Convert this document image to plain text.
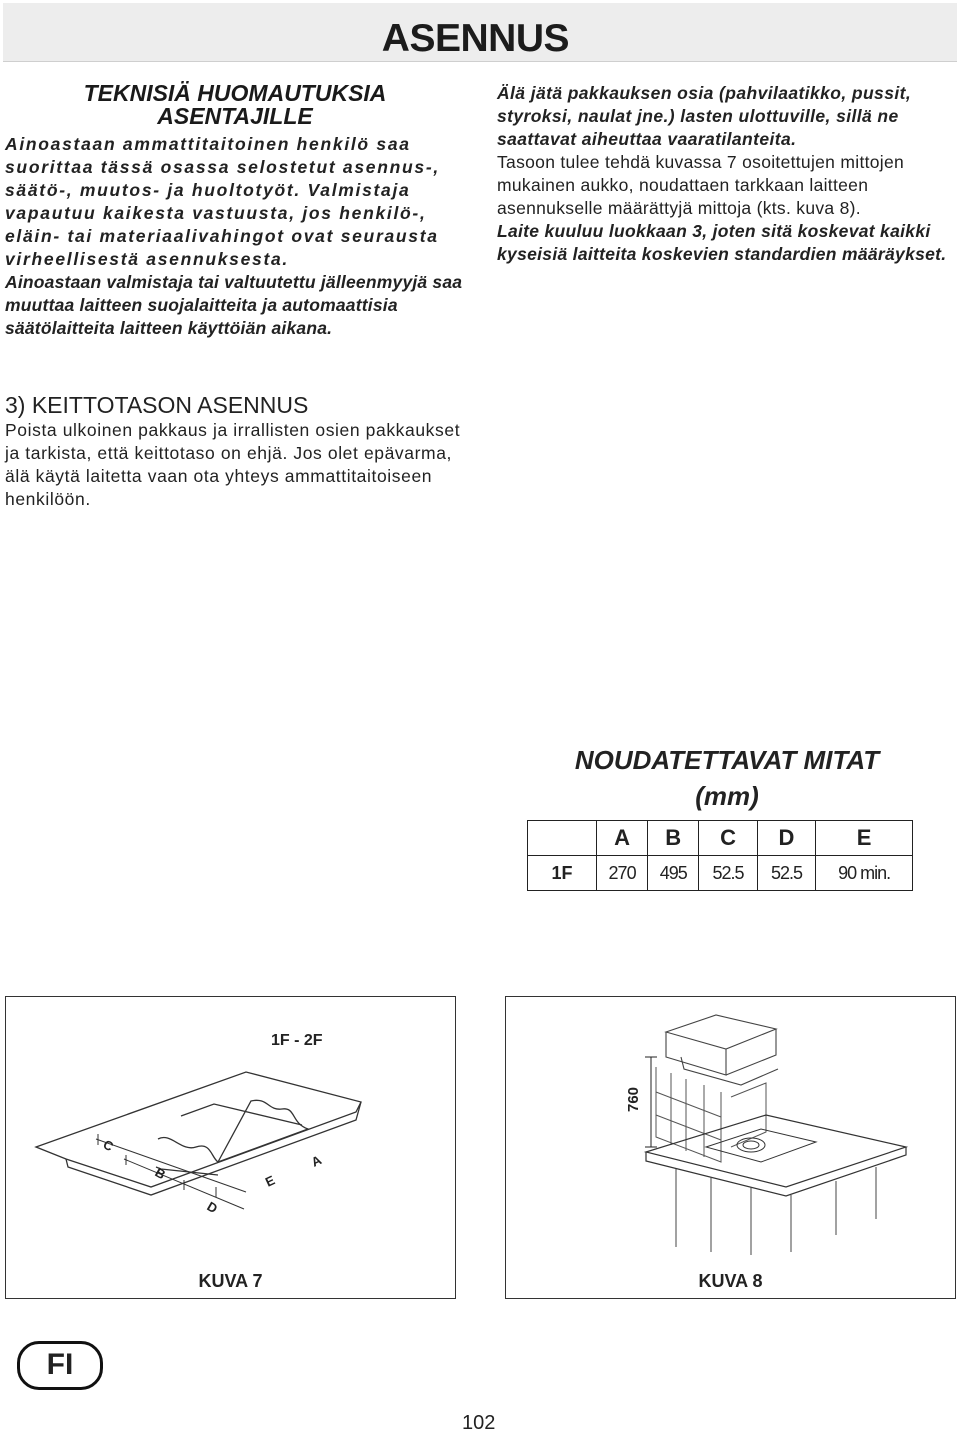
ASENNUS

TEKNISIÄ HUOMAUTUKSIA

ASENTAJILLE

Ainoastaan ammattitaitoinen henkilö saa suorittaa tässä osassa selostetut asennus-, säätö-, muutos- ja huoltotyöt. Valmistaja vapautuu kaikesta vastuusta, jos henkilö-, eläin- tai materiaalivahingot ovat seurausta virheellisestä asennuksesta.

Ainoastaan valmistaja tai valtuutettu jälleenmyyjä saa muuttaa laitteen suojalaitteita ja automaattisia säätölaitteita laitteen käyttöiän aikana.

Älä jätä pakkauksen osia (pahvilaatikko, pussit, styroksi, naulat jne.) lasten ulottuville, sillä ne saattavat aiheuttaa vaaratilanteita.

Tasoon tulee tehdä kuvassa 7 osoitettujen mittojen mukainen aukko, noudattaen tarkkaan laitteen asennukselle määrättyjä mittoja (kts. kuva 8).

Laite kuuluu luokkaan 3, joten sitä koskevat kaikki kyseisiä laitteita koskevien standardien määräykset.

3) KEITTOTASON ASENNUS

Poista ulkoinen pakkaus ja irrallisten osien pakkaukset ja tarkista, että keittotaso on ehjä. Jos olet epävarma, älä käytä laitetta vaan ota yhteys ammattitaitoiseen henkilöön.

NOUDATETTAVAT MITAT
(mm)
	A	B	C	D	E
1F	270	495	52.5	52.5	90 min.
1F - 2F
C
B
D
E
A
KUVA 7
760
KUVA 8
FI
102
